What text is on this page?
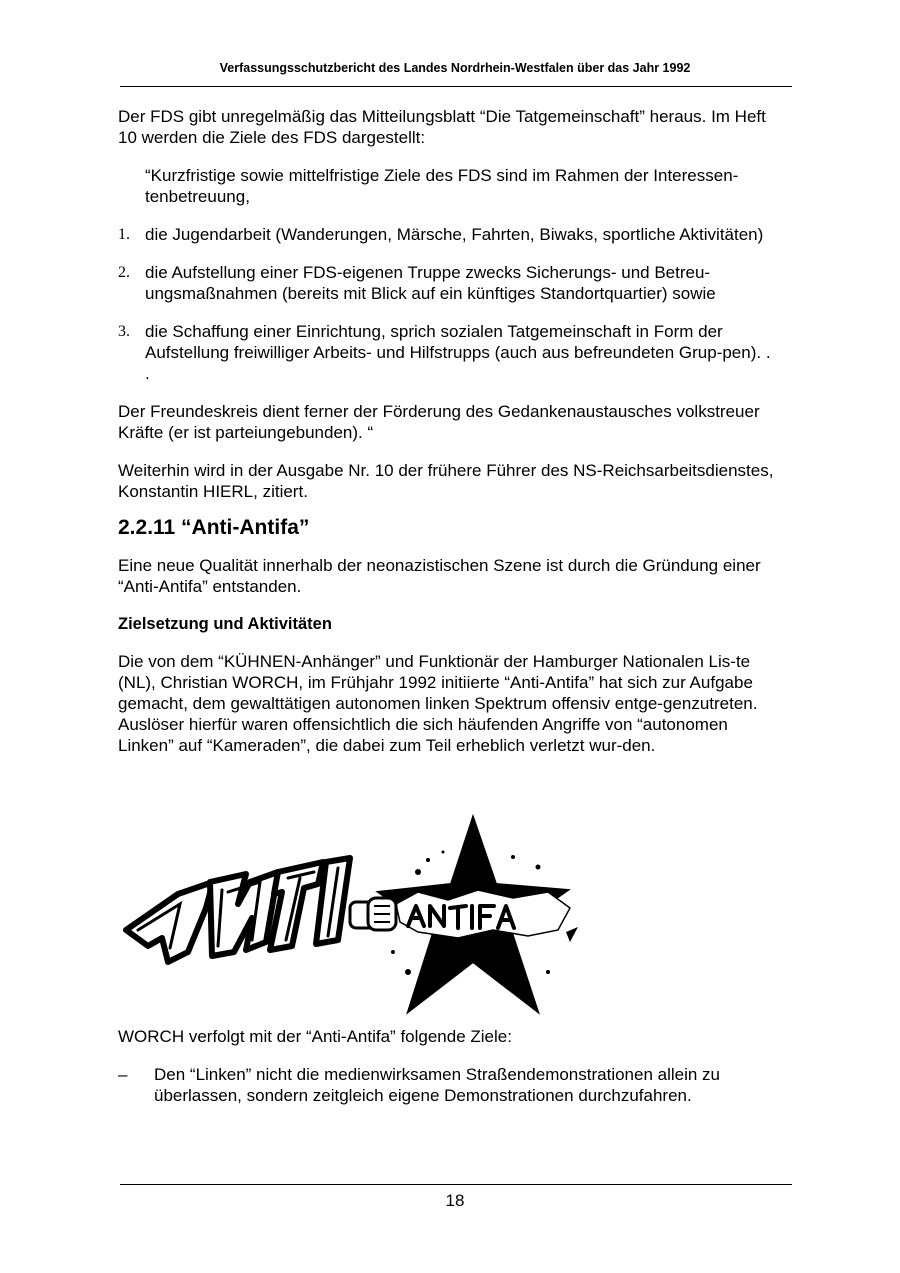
Verfassungsschutzbericht des Landes Nordrhein-Westfalen über das Jahr 1992

Der FDS gibt unregelmäßig das Mitteilungsblatt “Die Tatgemeinschaft” heraus. Im Heft 10 werden die Ziele des FDS dargestellt:

“Kurzfristige sowie mittelfristige Ziele des FDS sind im Rahmen der Interessen-tenbetreuung,

1. die Jugendarbeit (Wanderungen, Märsche, Fahrten, Biwaks, sportliche Aktivitäten)
2. die Aufstellung einer FDS-eigenen Truppe zwecks Sicherungs- und Betreu-ungsmaßnahmen (bereits mit Blick auf ein künftiges Standortquartier) sowie
3. die Schaffung einer Einrichtung, sprich sozialen Tatgemeinschaft in Form der Aufstellung freiwilliger Arbeits- und Hilfstrupps (auch aus befreundeten Grup-pen). . .

Der Freundeskreis dient ferner der Förderung des Gedankenaustausches volkstreuer Kräfte (er ist parteiungebunden). “

Weiterhin wird in der Ausgabe Nr. 10 der frühere Führer des NS-Reichsarbeitsdienstes, Konstantin HIERL, zitiert.

2.2.11 “Anti-Antifa”

Eine neue Qualität innerhalb der neonazistischen Szene ist durch die Gründung einer “Anti-Antifa” entstanden.

Zielsetzung und Aktivitäten

Die von dem “KÜHNEN-Anhänger” und Funktionär der Hamburger Nationalen Lis-te (NL), Christian WORCH, im Frühjahr 1992 initiierte “Anti-Antifa” hat sich zur Aufgabe gemacht, dem gewalttätigen autonomen linken Spektrum offensiv entge-genzutreten. Auslöser hierfür waren offensichtlich die sich häufenden Angriffe von “autonomen Linken” auf “Kameraden”, die dabei zum Teil erheblich verletzt wur-den.

WORCH verfolgt mit der “Anti-Antifa” folgende Ziele:

– Den “Linken” nicht die medienwirksamen Straßendemonstrationen allein zu überlassen, sondern zeitgleich eigene Demonstrationen durchzufahren.

18
